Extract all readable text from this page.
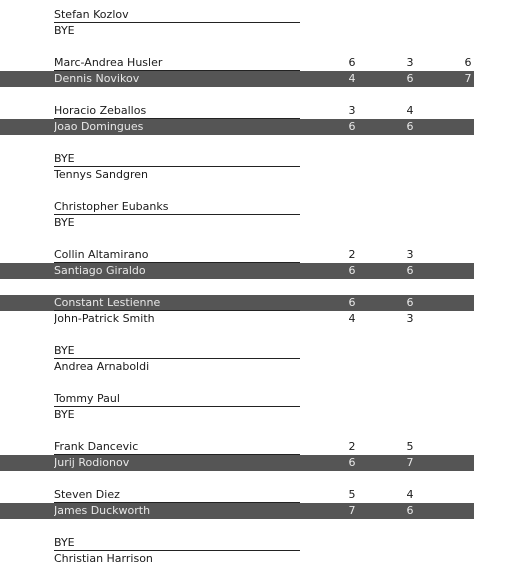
Stefan Kozlov
BYE
Marc-Andrea Husler	6	3	6
Dennis Novikov	4	6	7
Horacio Zeballos	3	4
Joao Domingues	6	6
BYE
Tennys Sandgren
Christopher Eubanks
BYE
Collin Altamirano	2	3
Santiago Giraldo	6	6
Constant Lestienne	6	6
John-Patrick Smith	4	3
BYE
Andrea Arnaboldi
Tommy Paul
BYE
Frank Dancevic	2	5
Jurij Rodionov	6	7
Steven Diez	5	4
James Duckworth	7	6
BYE
Christian Harrison
